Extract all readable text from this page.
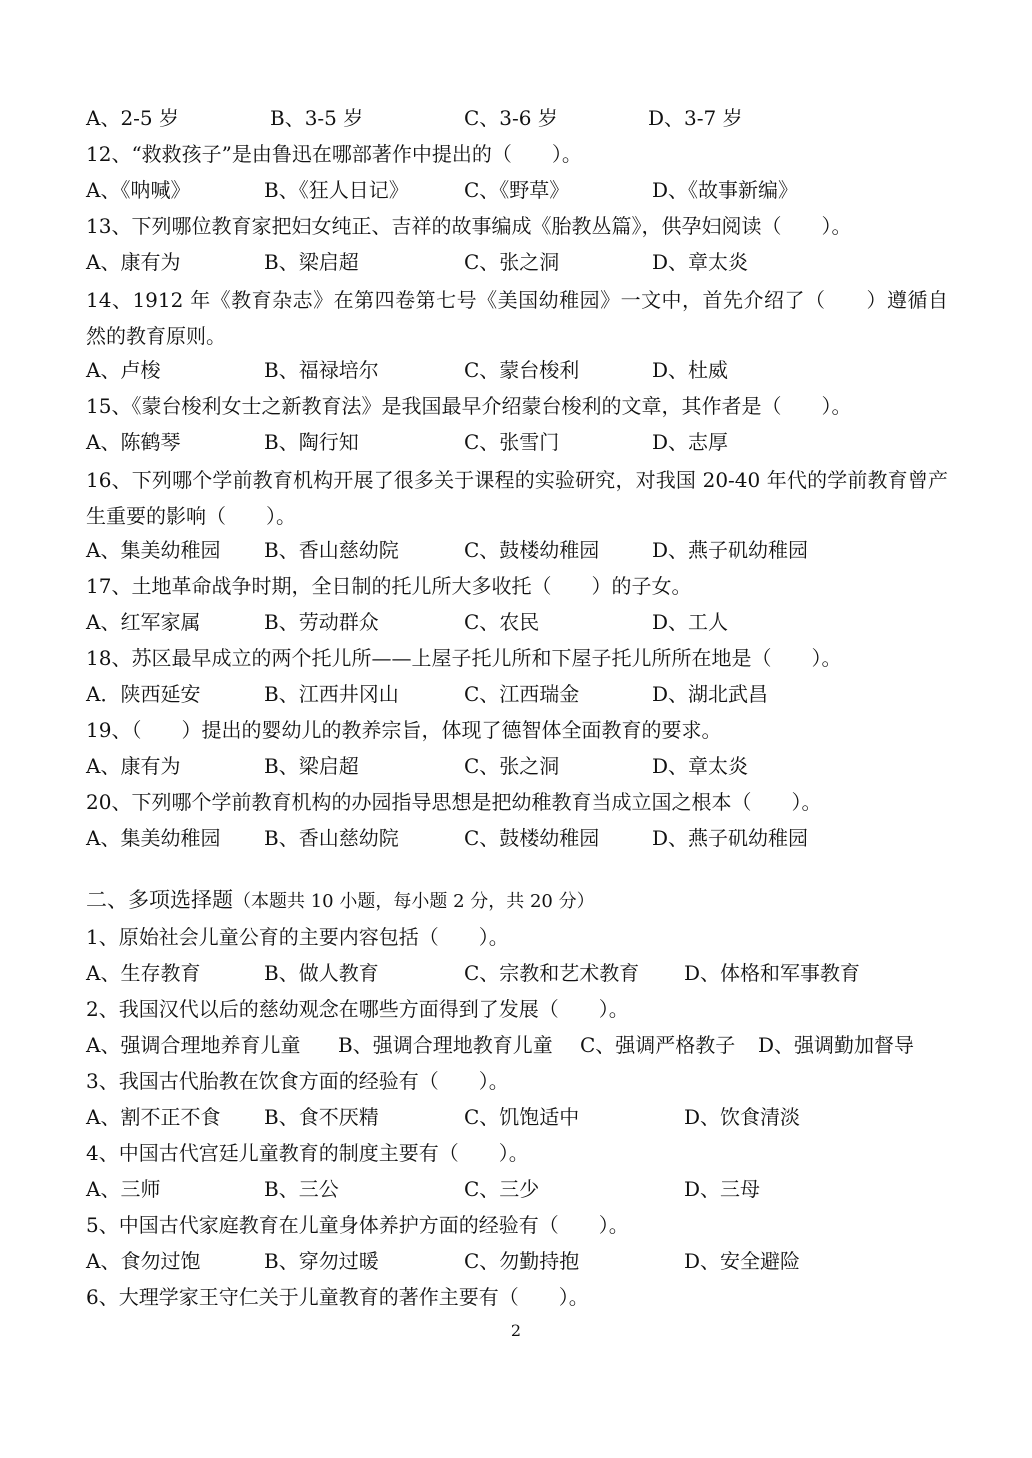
A、2-5 岁	B、3-5 岁	C、3-6 岁	D、3-7 岁
12、“救救孩子”是由鲁迅在哪部著作中提出的（　　）。
A、《呐喊》	B、《狂人日记》	C、《野草》	D、《故事新编》
13、下列哪位教育家把妇女纯正、吉祥的故事编成《胎教丛篇》，供孕妇阅读（　　）。
A、康有为	B、梁启超	C、张之洞	D、章太炎
14、1912 年《教育杂志》在第四卷第七号《美国幼稚园》一文中，首先介绍了（　　）遵循自然的教育原则。
A、卢梭	B、福禄培尔	C、蒙台梭利	D、杜威
15、《蒙台梭利女士之新教育法》是我国最早介绍蒙台梭利的文章，其作者是（　　）。
A、陈鹤琴	B、陶行知	C、张雪门	D、志厚
16、下列哪个学前教育机构开展了很多关于课程的实验研究，对我国 20-40 年代的学前教育曾产生重要的影响（　　）。
A、集美幼稚园 B、香山慈幼院	C、鼓楼幼稚园	D、燕子矶幼稚园
17、土地革命战争时期，全日制的托儿所大多收托（　　）的子女。
A、红军家属	B、劳动群众	C、农民	D、工人
18、苏区最早成立的两个托儿所——上屋子托儿所和下屋子托儿所所在地是（　　）。
A．陕西延安	B、江西井冈山	C、江西瑞金	D、湖北武昌
19、（　　）提出的婴幼儿的教养宗旨，体现了德智体全面教育的要求。
A、康有为	B、梁启超	C、张之洞	D、章太炎
20、下列哪个学前教育机构的办园指导思想是把幼稚教育当成立国之根本（　　）。
A、集美幼稚园 B、香山慈幼院	C、鼓楼幼稚园	D、燕子矶幼稚园
二、多项选择题（本题共 10 小题，每小题 2 分，共 20 分）
1、原始社会儿童公育的主要内容包括（　　）。
A、生存教育	B、做人教育	C、宗教和艺术教育 D、体格和军事教育
2、我国汉代以后的慈幼观念在哪些方面得到了发展（　　）。
A、强调合理地养育儿童 B、强调合理地教育儿童 C、强调严格教子 D、强调勤加督导
3、我国古代胎教在饮食方面的经验有（　　）。
A、割不正不食 B、食不厌精	C、饥饱适中	D、饮食清淡
4、中国古代宫廷儿童教育的制度主要有（　　）。
A、三师	B、三公	C、三少	D、三母
5、中国古代家庭教育在儿童身体养护方面的经验有（　　）。
A、食勿过饱	B、穿勿过暖	C、勿勤持抱	D、安全避险
6、大理学家王守仁关于儿童教育的著作主要有（　　）。
2
